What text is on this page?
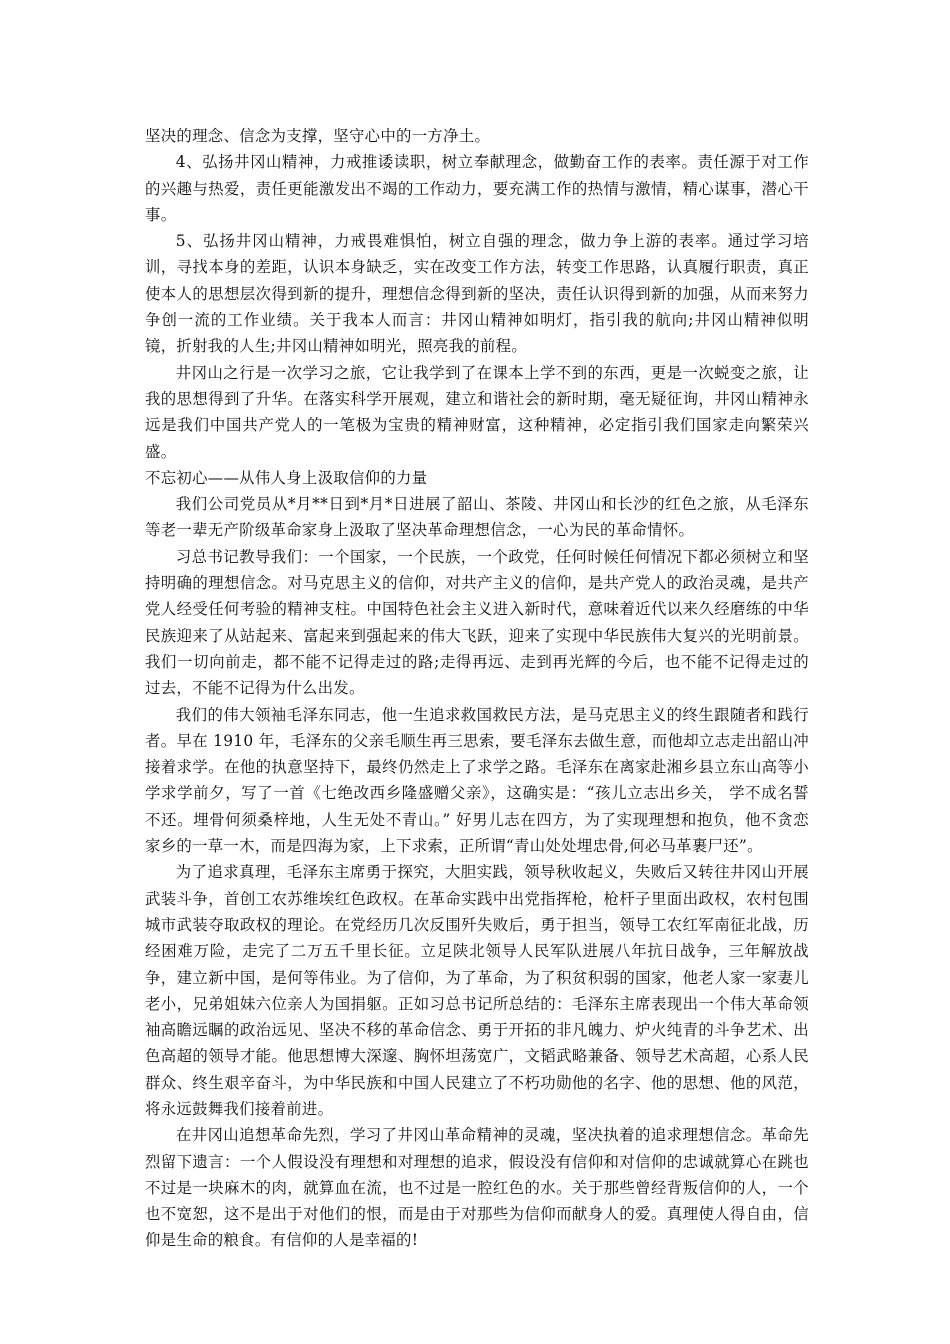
坚决的理念、信念为支撑，坚守心中的一方净土。

4、弘扬井冈山精神，力戒推诿读职，树立奉献理念，做勤奋工作的表率。责任源于对工作的兴趣与热爱，责任更能激发出不竭的工作动力，要充满工作的热情与激情，精心谋事，潜心干事。

5、弘扬井冈山精神，力戒畏难惧怕，树立自强的理念，做力争上游的表率。通过学习培训，寻找本身的差距，认识本身缺乏，实在改变工作方法，转变工作思路，认真履行职责，真正使本人的思想层次得到新的提升，理想信念得到新的坚决，责任认识得到新的加强，从而来努力争创一流的工作业绩。关于我本人而言：井冈山精神如明灯，指引我的航向;井冈山精神似明镜，折射我的人生;井冈山精神如明光，照亮我的前程。

井冈山之行是一次学习之旅，它让我学到了在课本上学不到的东西，更是一次蜕变之旅，让我的思想得到了升华。在落实科学开展观，建立和谐社会的新时期，毫无疑征询，井冈山精神永远是我们中国共产党人的一笔极为宝贵的精神财富，这种精神，必定指引我们国家走向繁荣兴盛。

不忘初心——从伟人身上汲取信仰的力量

我们公司党员从*月**日到*月*日进展了韶山、茶陵、井冈山和长沙的红色之旅，从毛泽东等老一辈无产阶级革命家身上汲取了坚决革命理想信念，一心为民的革命情怀。

习总书记教导我们：一个国家，一个民族，一个政党，任何时候任何情况下都必须树立和坚持明确的理想信念。对马克思主义的信仰，对共产主义的信仰，是共产党人的政治灵魂，是共产党人经受任何考验的精神支柱。中国特色社会主义进入新时代，意味着近代以来久经磨练的中华民族迎来了从站起来、富起来到强起来的伟大飞跃，迎来了实现中华民族伟大复兴的光明前景。我们一切向前走，都不能不记得走过的路;走得再远、走到再光辉的今后，也不能不记得走过的过去，不能不记得为什么出发。

我们的伟大领袖毛泽东同志，他一生追求救国救民方法，是马克思主义的终生跟随者和践行者。早在 1910 年，毛泽东的父亲毛顺生再三思索，要毛泽东去做生意，而他却立志走出韶山冲接着求学。在他的执意坚持下，最终仍然走上了求学之路。毛泽东在离家赴湘乡县立东山高等小学求学前夕，写了一首《七绝改西乡隆盛赠父亲》，这确实是：“孩儿立志出乡关， 学不成名誓不还。埋骨何须桑梓地，人生无处不青山。” 好男儿志在四方，为了实现理想和抱负，他不贪恋家乡的一草一木，而是四海为家，上下求索，正所谓“青山处处埋忠骨,何必马革裹尸还”。

为了追求真理，毛泽东主席勇于探究，大胆实践，领导秋收起义，失败后又转往井冈山开展武装斗争，首创工农苏维埃红色政权。在革命实践中出党指挥枪，枪杆子里面出政权，农村包围城市武装夺取政权的理论。在党经历几次反围歼失败后，勇于担当，领导工农红军南征北战，历经困难万险，走完了二万五千里长征。立足陕北领导人民军队进展八年抗日战争，三年解放战争，建立新中国，是何等伟业。为了信仰，为了革命，为了积贫积弱的国家，他老人家一家妻儿老小，兄弟姐妹六位亲人为国捐躯。正如习总书记所总结的：毛泽东主席表现出一个伟大革命领袖高瞻远瞩的政治远见、坚决不移的革命信念、勇于开拓的非凡魄力、炉火纯青的斗争艺术、出色高超的领导才能。他思想博大深邃、胸怀坦荡宽广，文韬武略兼备、领导艺术高超，心系人民群众、终生艰辛奋斗，为中华民族和中国人民建立了不朽功勋他的名字、他的思想、他的风范，将永远鼓舞我们接着前进。

在井冈山追想革命先烈，学习了井冈山革命精神的灵魂，坚决执着的追求理想信念。革命先烈留下遗言：一个人假设没有理想和对理想的追求，假设没有信仰和对信仰的忠诚就算心在跳也不过是一块麻木的肉，就算血在流，也不过是一腔红色的水。关于那些曾经背叛信仰的人，一个也不宽恕，这不是出于对他们的恨，而是由于对那些为信仰而献身人的爱。真理使人得自由，信仰是生命的粮食。有信仰的人是幸福的!
